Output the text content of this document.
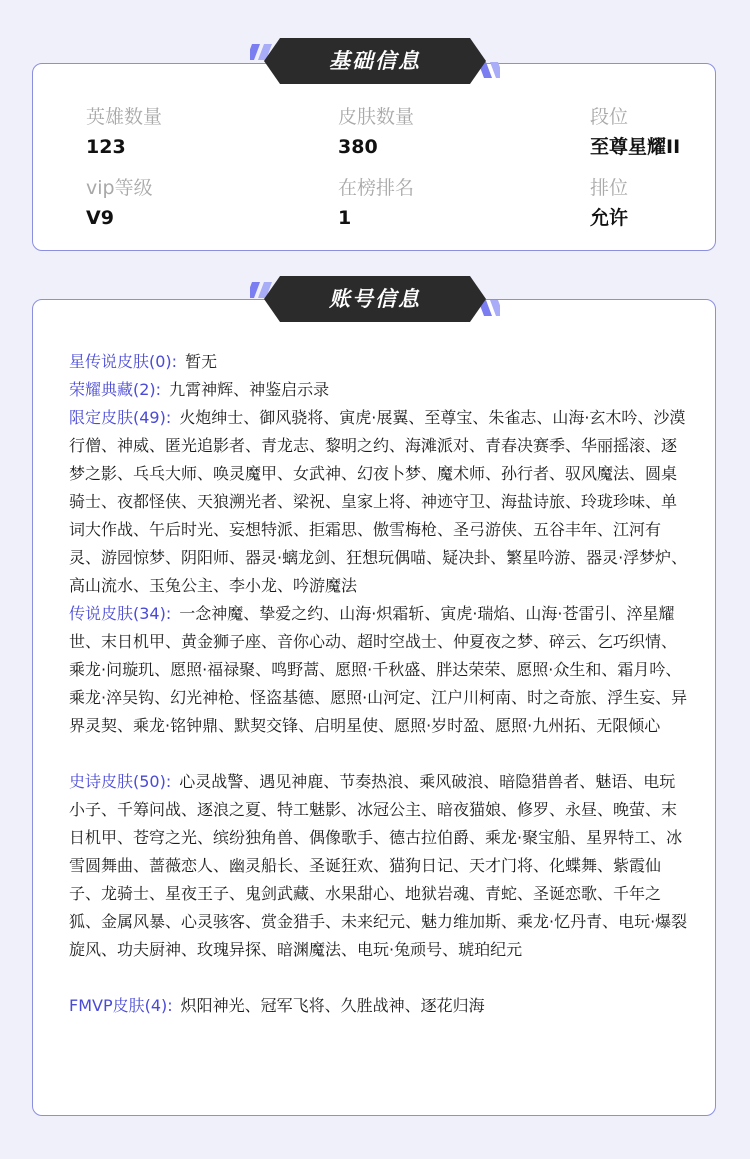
英雄数量
123
皮肤数量
380
段位
至尊星耀II
vip等级
V9
在榜排名
1
排位
允许

星传说皮肤(0): 暂无

荣耀典藏(2): 九霄神辉、神鉴启示录

限定皮肤(49): 火炮绅士、御风骁将、寅虎·展翼、至尊宝、朱雀志、山海·玄木吟、沙漠行僧、神威、匿光追影者、青龙志、黎明之约、海滩派对、青春决赛季、华丽摇滚、逐梦之影、乓乓大师、唤灵魔甲、女武神、幻夜卜梦、魔术师、孙行者、驭风魔法、圆桌骑士、夜都怪侠、天狼溯光者、梁祝、皇家上将、神迹守卫、海盐诗旅、玲珑珍味、单词大作战、午后时光、妄想特派、拒霜思、傲雪梅枪、圣弓游侠、五谷丰年、江河有灵、游园惊梦、阴阳师、器灵·螭龙剑、狂想玩偶喵、疑决卦、繁星吟游、器灵·浮梦炉、高山流水、玉兔公主、李小龙、吟游魔法

传说皮肤(34): 一念神魔、挚爱之约、山海·炽霜斩、寅虎·瑞焰、山海·苍雷引、淬星耀世、末日机甲、黄金狮子座、音你心动、超时空战士、仲夏夜之梦、碎云、乞巧织情、乘龙·问璇玑、愿照·福禄聚、鸣野蒿、愿照·千秋盛、胖达荣荣、愿照·众生和、霜月吟、乘龙·淬吴钩、幻光神枪、怪盗基德、愿照·山河定、江户川柯南、时之奇旅、浮生妄、异界灵契、乘龙·铭钟鼎、默契交锋、启明星使、愿照·岁时盈、愿照·九州拓、无限倾心

史诗皮肤(50): 心灵战警、遇见神鹿、节奏热浪、乘风破浪、暗隐猎兽者、魅语、电玩小子、千筹问战、逐浪之夏、特工魅影、冰冠公主、暗夜猫娘、修罗、永昼、晚萤、末日机甲、苍穹之光、缤纷独角兽、偶像歌手、德古拉伯爵、乘龙·聚宝船、星界特工、冰雪圆舞曲、蔷薇恋人、幽灵船长、圣诞狂欢、猫狗日记、天才门将、化蝶舞、紫霞仙子、龙骑士、星夜王子、鬼剑武藏、水果甜心、地狱岩魂、青蛇、圣诞恋歌、千年之狐、金属风暴、心灵骇客、赏金猎手、未来纪元、魅力维加斯、乘龙·忆丹青、电玩·爆裂旋风、功夫厨神、玫瑰异探、暗渊魔法、电玩·兔顽号、琥珀纪元

FMVP皮肤(4): 炽阳神光、冠军飞将、久胜战神、逐花归海

基础信息
账号信息
